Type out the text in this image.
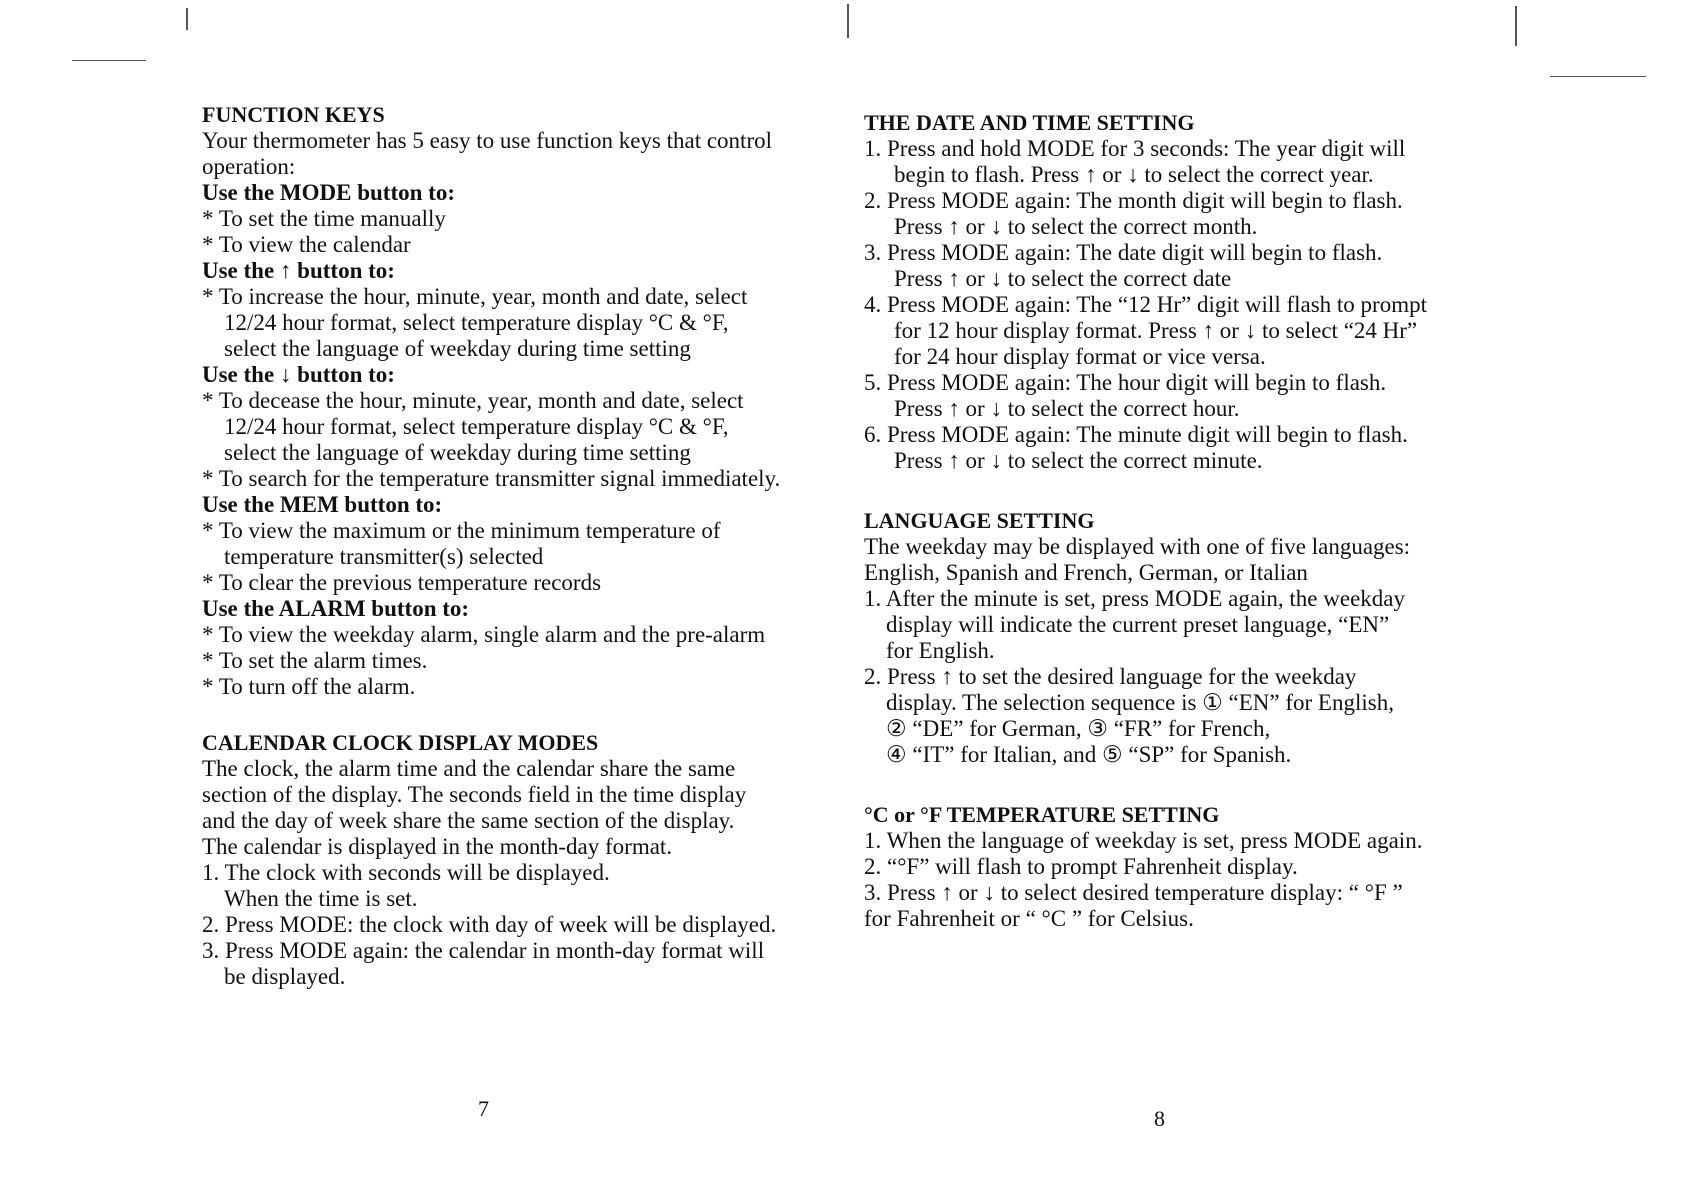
FUNCTION KEYS
Your thermometer has 5 easy to use function keys that control
operation:
Use the MODE button to:
* To set the time manually
* To view the calendar
Use the ↑ button to:
* To increase the hour, minute, year, month and date, select
12/24 hour format, select temperature display °C & °F,
select the language of weekday during time setting
Use the ↓ button to:
* To decease the hour, minute, year, month and date, select
12/24 hour format, select temperature display °C & °F,
select the language of weekday during time setting
* To search for the temperature transmitter signal immediately.
Use the MEM button to:
* To view the maximum or the minimum temperature of
temperature transmitter(s) selected
* To clear the previous temperature records
Use the ALARM button to:
* To view the weekday alarm, single alarm and the pre-alarm
* To set the alarm times.
* To turn off the alarm.
CALENDAR CLOCK DISPLAY MODES
The clock, the alarm time and the calendar share the same
section of the display. The seconds field in the time display
and the day of week share the same section of the display.
The calendar is displayed in the month-day format.
1. The clock with seconds will be displayed.
When the time is set.
2. Press MODE: the clock with day of week will be displayed.
3. Press MODE again: the calendar in month-day format will
be displayed.
7
THE DATE AND TIME SETTING
1. Press and hold MODE for 3 seconds: The year digit will
begin to flash. Press ↑ or ↓ to select the correct year.
2. Press MODE again: The month digit will begin to flash.
Press ↑ or ↓ to select the correct month.
3. Press MODE again: The date digit will begin to flash.
Press ↑ or ↓ to select the correct date
4. Press MODE again: The “12 Hr” digit will flash to prompt
for 12 hour display format. Press ↑ or ↓ to select “24 Hr”
for 24 hour display format or vice versa.
5. Press MODE again: The hour digit will begin to flash.
Press ↑ or ↓ to select the correct hour.
6. Press MODE again: The minute digit will begin to flash.
Press ↑ or ↓ to select the correct minute.
LANGUAGE SETTING
The weekday may be displayed with one of five languages:
English, Spanish and French, German, or Italian
1. After the minute is set, press MODE again, the weekday
display will indicate the current preset language, “EN”
for English.
2. Press ↑ to set the desired language for the weekday
display. The selection sequence is ① “EN” for English,
② “DE” for German, ③ “FR” for French,
④ “IT” for Italian, and ⑤ “SP” for Spanish.
°C or °F TEMPERATURE SETTING
1. When the language of weekday is set, press MODE again.
2. “°F” will flash to prompt Fahrenheit display.
3. Press ↑ or ↓ to select desired temperature display: “ °F ”
for Fahrenheit or “ °C ” for Celsius.
8
